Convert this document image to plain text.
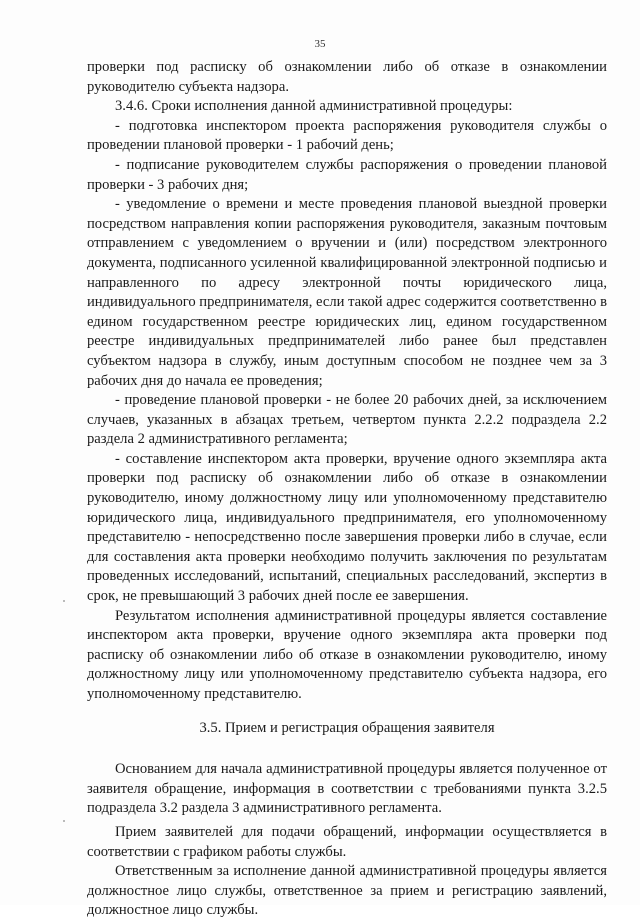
35

проверки под расписку об ознакомлении либо об отказе в ознакомлении руководителю субъекта надзора.

3.4.6. Сроки исполнения данной административной процедуры:

- подготовка инспектором проекта распоряжения руководителя службы о проведении плановой проверки - 1 рабочий день;

- подписание руководителем службы распоряжения о проведении плановой проверки - 3 рабочих дня;

- уведомление о времени и месте проведения плановой выездной проверки посредством направления копии распоряжения руководителя, заказным почтовым отправлением с уведомлением о вручении и (или) посредством электронного документа, подписанного усиленной квалифицированной электронной подписью и направленного по адресу электронной почты юридического лица, индивидуального предпринимателя, если такой адрес содержится соответственно в едином государственном реестре юридических лиц, едином государственном реестре индивидуальных предпринимателей либо ранее был представлен субъектом надзора в службу, иным доступным способом не позднее чем за 3 рабочих дня до начала ее проведения;

- проведение плановой проверки - не более 20 рабочих дней, за исключением случаев, указанных в абзацах третьем, четвертом пункта 2.2.2 подраздела 2.2 раздела 2 административного регламента;

- составление инспектором акта проверки, вручение одного экземпляра акта проверки под расписку об ознакомлении либо об отказе в ознакомлении руководителю, иному должностному лицу или уполномоченному представителю юридического лица, индивидуального предпринимателя, его уполномоченному представителю - непосредственно после завершения проверки либо в случае, если для составления акта проверки необходимо получить заключения по результатам проведенных исследований, испытаний, специальных расследований, экспертиз в срок, не превышающий 3 рабочих дней после ее завершения.

Результатом исполнения административной процедуры является составление инспектором акта проверки, вручение одного экземпляра акта проверки под расписку об ознакомлении либо об отказе в ознакомлении руководителю, иному должностному лицу или уполномоченному представителю субъекта надзора, его уполномоченному представителю.

3.5. Прием и регистрация обращения заявителя

Основанием для начала административной процедуры является полученное от заявителя обращение, информация в соответствии с требованиями пункта 3.2.5 подраздела 3.2 раздела 3 административного регламента.

Прием заявителей для подачи обращений, информации осуществляется в соответствии с графиком работы службы.

Ответственным за исполнение данной административной процедуры является должностное лицо службы, ответственное за прием и регистрацию заявлений, должностное лицо службы.
